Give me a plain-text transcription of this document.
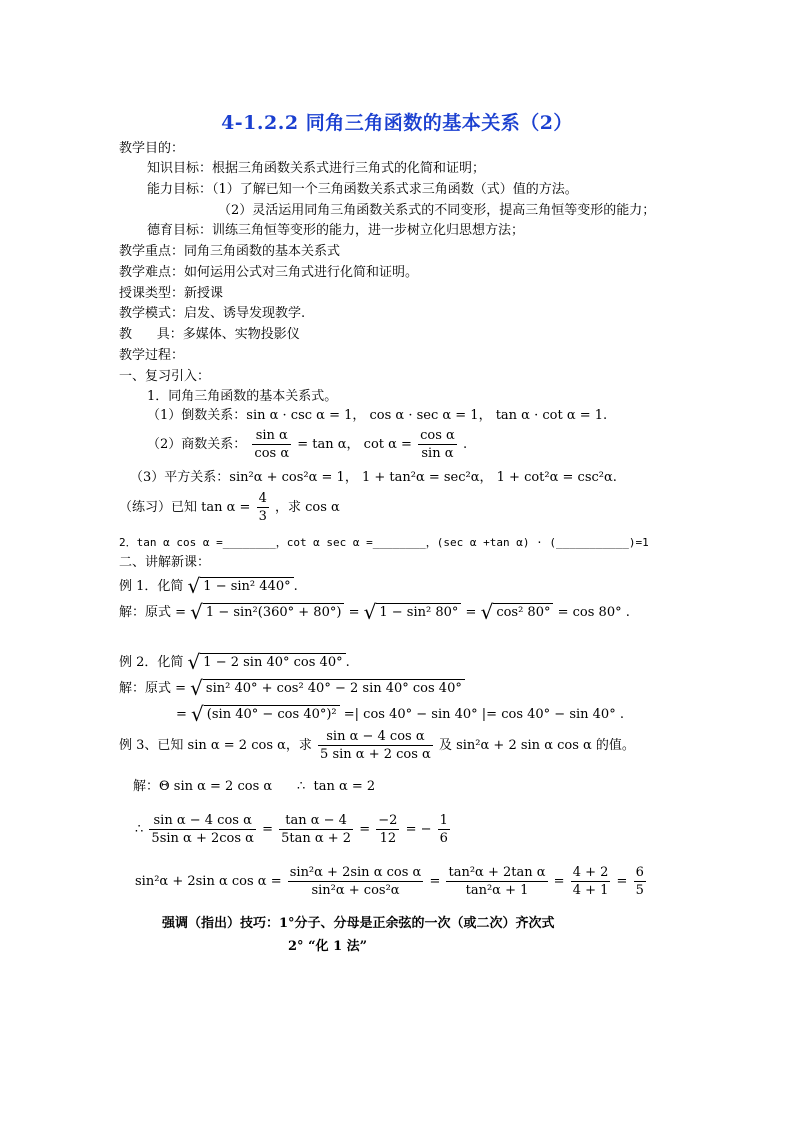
4-1.2.2 同角三角函数的基本关系（2）
教学目的：
知识目标：根据三角函数关系式进行三角式的化简和证明；
能力目标：（1）了解已知一个三角函数关系式求三角函数（式）值的方法。
（2）灵活运用同角三角函数关系式的不同变形，提高三角恒等变形的能力；
德育目标：训练三角恒等变形的能力，进一步树立化归思想方法；
教学重点：同角三角函数的基本关系式
教学难点：如何运用公式对三角式进行化简和证明。
授课类型：新授课
教学模式：启发、诱导发现教学.
教      具：多媒体、实物投影仪
教学过程：
一、复习引入：
1．同角三角函数的基本关系式。
（1）倒数关系：sin α · csc α = 1， cos α · sec α = 1， tan α · cot α = 1.
（2）商数关系： $\frac{\text{sin α}}{\text{cos α}} = \tan \alpha$， $\cot \alpha = \frac{\text{cos α}}{\text{sin α}}$ .
（3）平方关系：sin²α + cos²α = 1， 1 + tan²α = sec²α， 1 + cot²α = csc²α.
（练习）已知 $\tan \alpha = \frac{4}{3}$ ，求 cos α
2．tan α cos α =________，cot α sec α =________，(sec α +tan α) · (___________)=1
二、讲解新课：
例 1．化简 √ 1 − sin² 440° .
解：原式 = √ 1 − sin²(360° + 80°) = √ 1 − sin² 80° = √ cos² 80° = cos 80° .
例 2．化简 √ 1 − 2 sin 40° cos 40° .
解：原式 = √ sin² 40° + cos² 40° − 2 sin 40° cos 40°
= √ (sin 40° − cos 40°)² =| cos 40° − sin 40° |= cos 40° − sin 40° .
例 3、已知 sin α = 2 cos α，求 $\frac{\text{sin α − 4 cos α}}{\text{5 sin α + 2 cos α}}$ 及 sin²α + 2 sin α cos α 的值。
解：Θ sin α = 2 cos α      ∴  tan α = 2
∴ $\frac{\text{sin α − 4 cos α}}{\text{5sin α + 2cos α}} = \frac{\text{tan α − 4}}{\text{5tan α + 2}} = \frac{-2}{12}$ = − $\frac{1}{6}$
sin²α + 2sin α $\cos \alpha = \frac{\text{sin²α + 2sin α cos α}}{\text{sin²α + cos²α}} = \frac{\text{tan²α + 2tan α}}{\text{tan²α + 1}} = \frac{4 + 2}{4 + 1} = \frac{6}{5}$
强调（指出）技巧：1°分子、分母是正余弦的一次（或二次）齐次式
2° “化 1 法”
